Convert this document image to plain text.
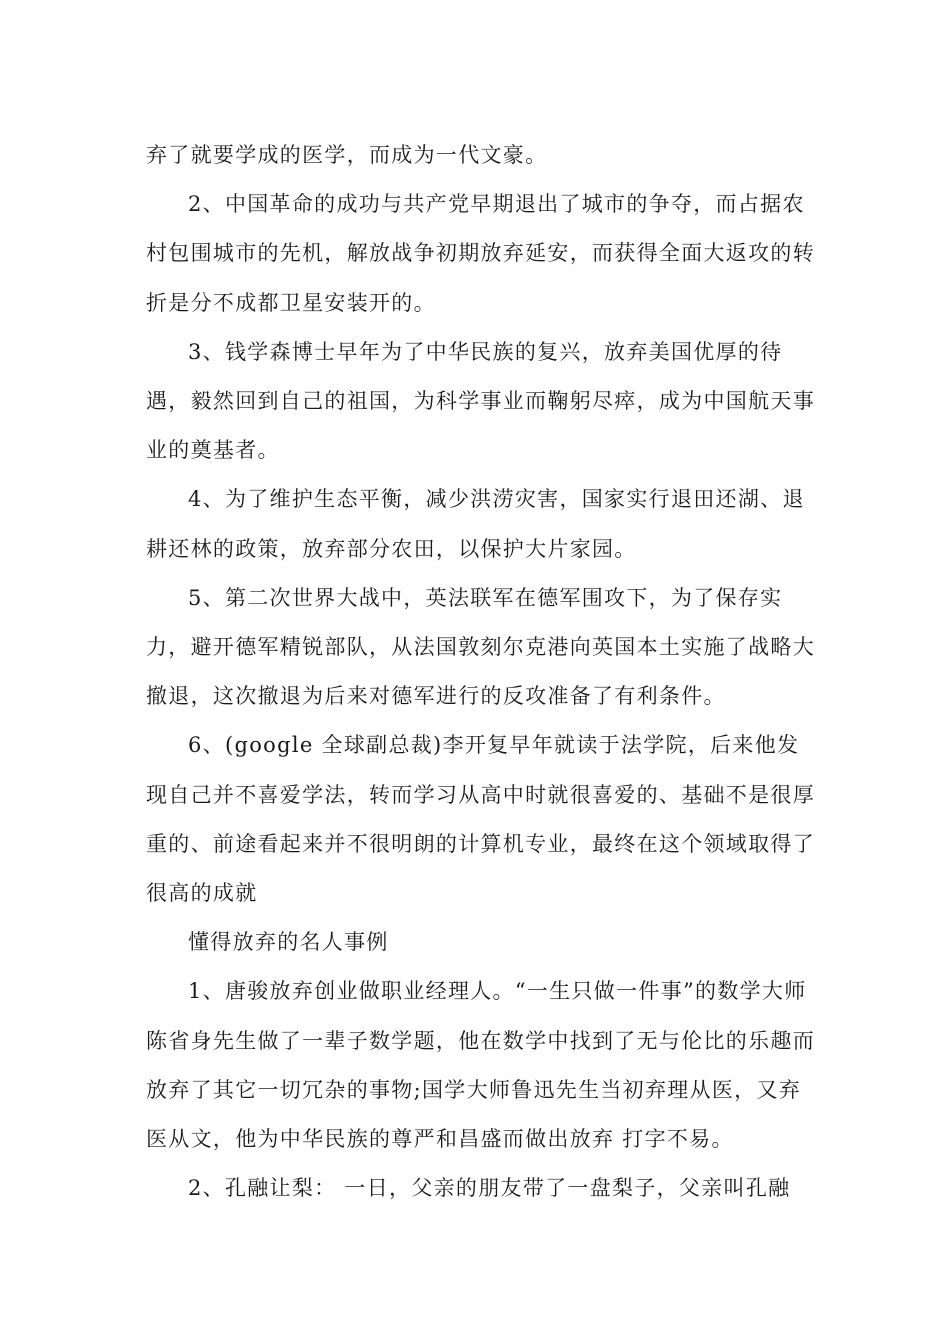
弃了就要学成的医学，而成为一代文豪。

2、中国革命的成功与共产党早期退出了城市的争夺，而占据农村包围城市的先机，解放战争初期放弃延安，而获得全面大返攻的转折是分不成都卫星安装开的。

3、钱学森博士早年为了中华民族的复兴，放弃美国优厚的待遇，毅然回到自己的祖国，为科学事业而鞠躬尽瘁，成为中国航天事业的奠基者。

4、为了维护生态平衡，减少洪涝灾害，国家实行退田还湖、退耕还林的政策，放弃部分农田，以保护大片家园。

5、第二次世界大战中，英法联军在德军围攻下，为了保存实力，避开德军精锐部队，从法国敦刻尔克港向英国本土实施了战略大撤退，这次撤退为后来对德军进行的反攻准备了有利条件。

6、(google 全球副总裁)李开复早年就读于法学院，后来他发现自己并不喜爱学法，转而学习从高中时就很喜爱的、基础不是很厚重的、前途看起来并不很明朗的计算机专业，最终在这个领域取得了很高的成就

懂得放弃的名人事例

1、唐骏放弃创业做职业经理人。“一生只做一件事”的数学大师陈省身先生做了一辈子数学题，他在数学中找到了无与伦比的乐趣而放弃了其它一切冗杂的事物;国学大师鲁迅先生当初弃理从医，又弃医从文，他为中华民族的尊严和昌盛而做出放弃 打字不易。

2、孔融让梨： 一日，父亲的朋友带了一盘梨子，父亲叫孔融
